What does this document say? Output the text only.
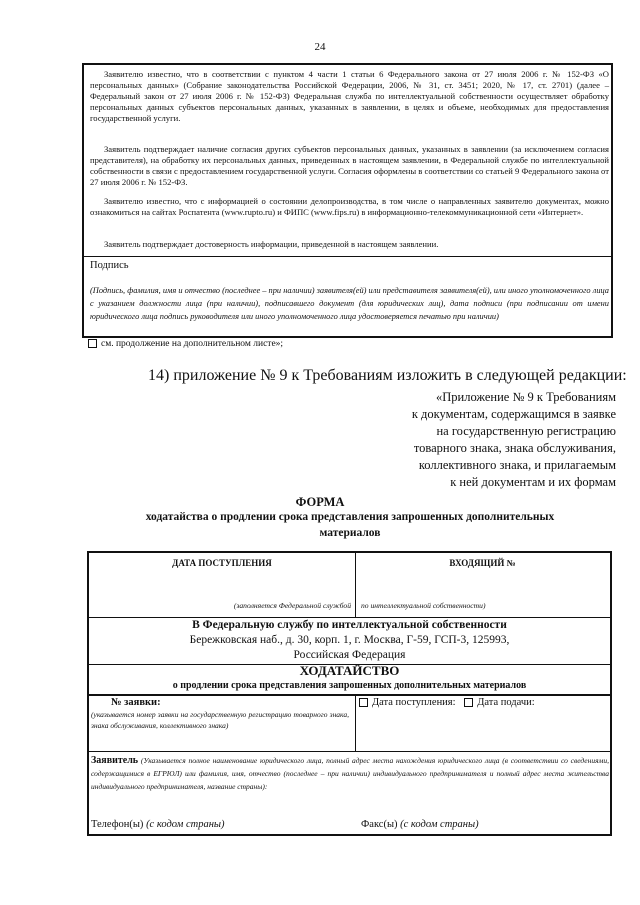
24

Заявителю известно, что в соответствии с пунктом 4 части 1 статьи 6 Федерального закона от 27 июля 2006 г. № 152-ФЗ «О персональных данных» (Собрание законодательства Российской Федерации, 2006, № 31, ст. 3451; 2020, № 17, ст. 2701) (далее – Федеральный закон от 27 июля 2006 г. № 152-ФЗ) Федеральная служба по интеллектуальной собственности осуществляет обработку персональных данных субъектов персональных данных, указанных в заявлении, в целях и объеме, необходимых для предоставления государственной услуги.

Заявитель подтверждает наличие согласия других субъектов персональных данных, указанных в заявлении (за исключением согласия представителя), на обработку их персональных данных, приведенных в настоящем заявлении, в Федеральной службе по интеллектуальной собственности в связи с предоставлением государственной услуги. Согласия оформлены в соответствии со статьей 9 Федерального закона от 27 июля 2006 г. № 152-ФЗ.

Заявителю известно, что с информацией о состоянии делопроизводства, в том числе о направленных заявителю документах, можно ознакомиться на сайтах Роспатента (www.rupto.ru) и ФИПС (www.fips.ru) в информационно-телекоммуникационной сети «Интернет».

Заявитель подтверждает достоверность информации, приведенной в настоящем заявлении.

Подпись

(Подпись, фамилия, имя и отчество (последнее – при наличии) заявителя(ей) или представителя заявителя(ей), или иного уполномоченного лица с указанием должности лица (при наличии), подписавшего документ (для юридических лиц), дата подписи (при подписании от имени юридического лица подпись руководителя или иного уполномоченного лица удостоверяется печатью при наличии)

см. продолжение на дополнительном листе»;
14) приложение № 9 к Требованиям изложить в следующей редакции:
«Приложение № 9 к Требованиям
к документам, содержащимся в заявке
на государственную регистрацию
товарного знака, знака обслуживания,
коллективного знака, и прилагаемым
к ней документам и их формам
ФОРМА
ходатайства о продлении срока представления запрошенных дополнительных материалов
ДАТА ПОСТУПЛЕНИЯ	ВХОДЯЩИЙ №
(заполняется Федеральной службой по интеллектуальной собственности)
В Федеральную службу по интеллектуальной собственности
Бережковская наб., д. 30, корп. 1, г. Москва, Г-59, ГСП-3, 125993,
Российская Федерация
ХОДАТАЙСТВО
о продлении срока представления запрошенных дополнительных материалов
№ заявки:
(указывается номер заявки на государственную регистрацию товарного знака, знака обслуживания, коллективного знака)
Дата поступления: Дата подачи:
Заявитель (Указывается полное наименование юридического лица, полный адрес места нахождения юридического лица (в соответствии со сведениями, содержащимися в ЕГРЮЛ) или фамилия, имя, отчество (последнее – при наличии) индивидуального предпринимателя и полный адрес места жительства индивидуального предпринимателя, название страны):
Телефон(ы) (с кодом страны)	Факс(ы) (с кодом страны)
